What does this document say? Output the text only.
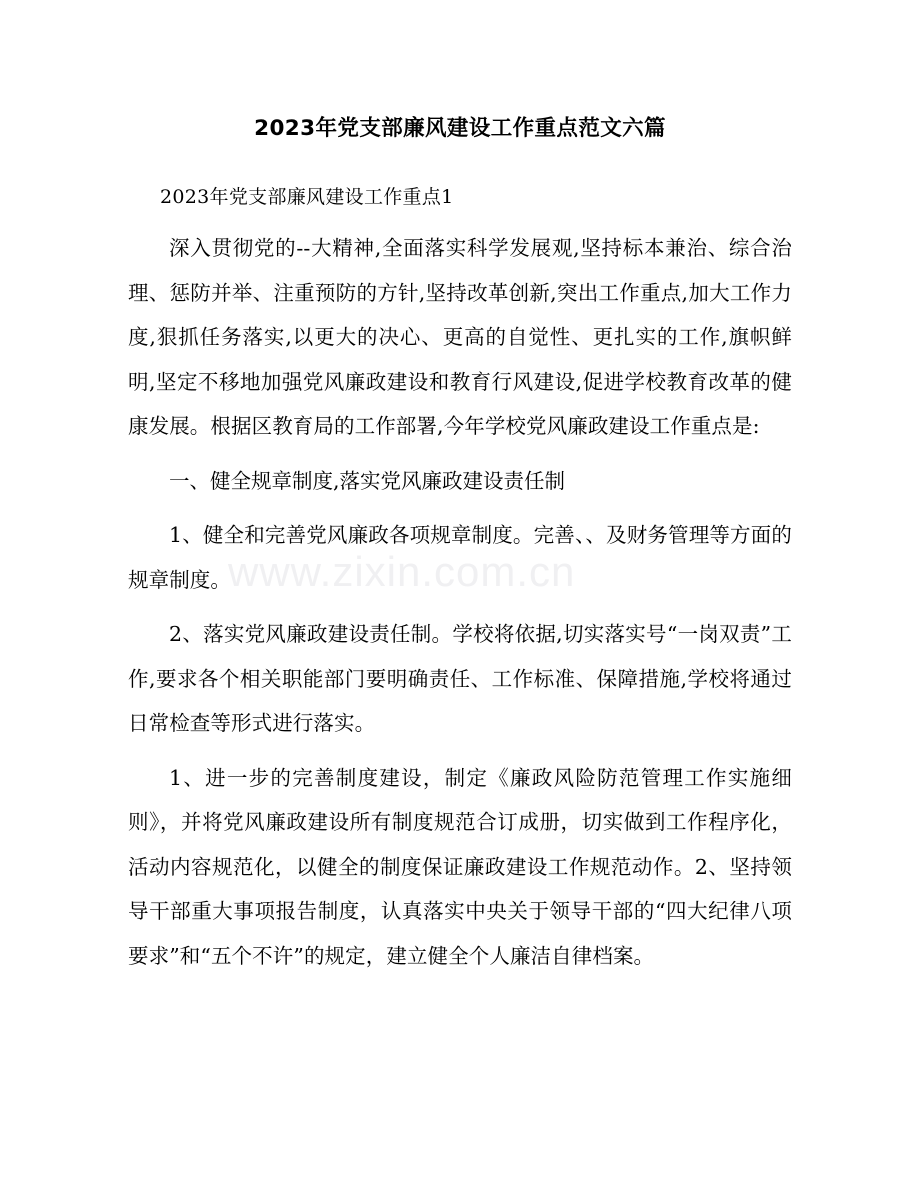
www.zixin.com.cn
2023年党支部廉风建设工作重点范文六篇
2023年党支部廉风建设工作重点1

深入贯彻党的--大精神,全面落实科学发展观,坚持标本兼治、综合治理、惩防并举、注重预防的方针,坚持改革创新,突出工作重点,加大工作力度,狠抓任务落实,以更大的决心、更高的自觉性、更扎实的工作,旗帜鲜明,坚定不移地加强党风廉政建设和教育行风建设,促进学校教育改革的健康发展。根据区教育局的工作部署,今年学校党风廉政建设工作重点是:

一、健全规章制度,落实党风廉政建设责任制

1、健全和完善党风廉政各项规章制度。完善、、及财务管理等方面的规章制度。

2、落实党风廉政建设责任制。学校将依据,切实落实号“一岗双责”工作,要求各个相关职能部门要明确责任、工作标准、保障措施,学校将通过日常检查等形式进行落实。

1、进一步的完善制度建设，制定《廉政风险防范管理工作实施细则》，并将党风廉政建设所有制度规范合订成册，切实做到工作程序化，活动内容规范化，以健全的制度保证廉政建设工作规范动作。2、坚持领导干部重大事项报告制度，认真落实中央关于领导干部的“四大纪律八项要求”和“五个不许”的规定，建立健全个人廉洁自律档案。
